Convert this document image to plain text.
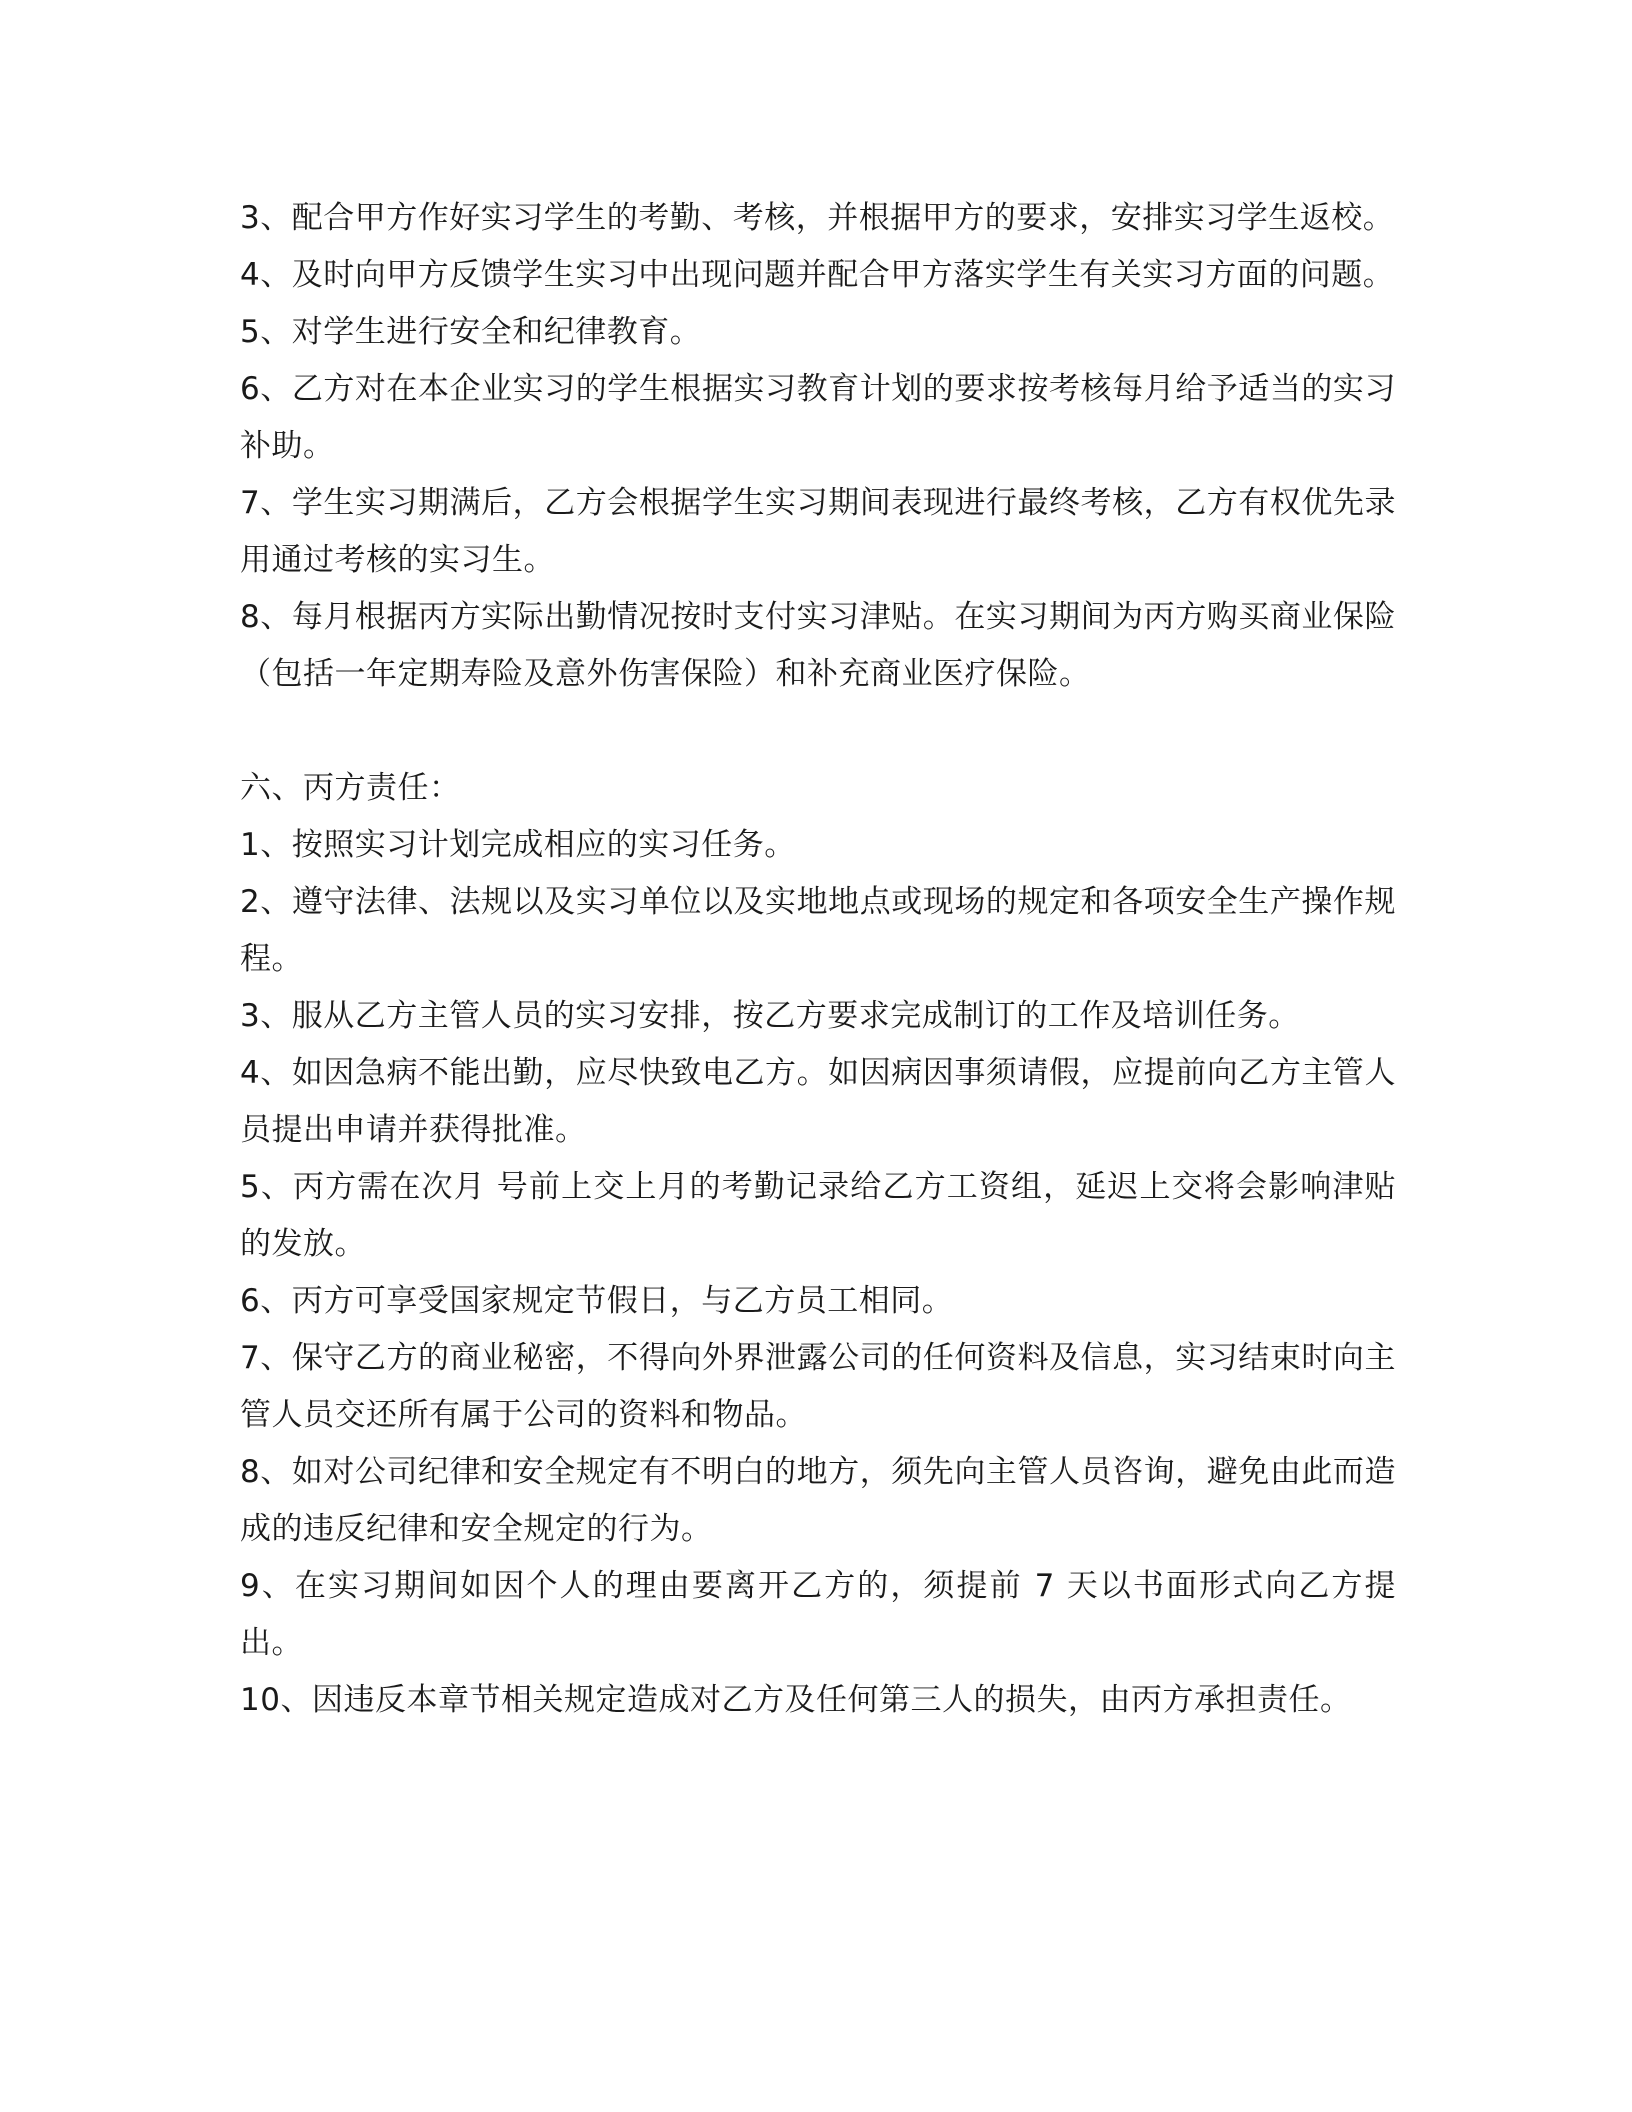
3、配合甲方作好实习学生的考勤、考核，并根据甲方的要求，安排实习学生返校。

4、及时向甲方反馈学生实习中出现问题并配合甲方落实学生有关实习方面的问题。

5、对学生进行安全和纪律教育。

6、乙方对在本企业实习的学生根据实习教育计划的要求按考核每月给予适当的实习补助。

7、学生实习期满后，乙方会根据学生实习期间表现进行最终考核，乙方有权优先录用通过考核的实习生。

8、每月根据丙方实际出勤情况按时支付实习津贴。在实习期间为丙方购买商业保险（包括一年定期寿险及意外伤害保险）和补充商业医疗保险。

六、丙方责任：

1、按照实习计划完成相应的实习任务。

2、遵守法律、法规以及实习单位以及实地地点或现场的规定和各项安全生产操作规程。

3、服从乙方主管人员的实习安排，按乙方要求完成制订的工作及培训任务。

4、如因急病不能出勤，应尽快致电乙方。如因病因事须请假，应提前向乙方主管人员提出申请并获得批准。

5、丙方需在次月 号前上交上月的考勤记录给乙方工资组，延迟上交将会影响津贴的发放。

6、丙方可享受国家规定节假日，与乙方员工相同。

7、保守乙方的商业秘密，不得向外界泄露公司的任何资料及信息，实习结束时向主管人员交还所有属于公司的资料和物品。

8、如对公司纪律和安全规定有不明白的地方，须先向主管人员咨询，避免由此而造成的违反纪律和安全规定的行为。

9、在实习期间如因个人的理由要离开乙方的，须提前 7 天以书面形式向乙方提出。

10、因违反本章节相关规定造成对乙方及任何第三人的损失，由丙方承担责任。
